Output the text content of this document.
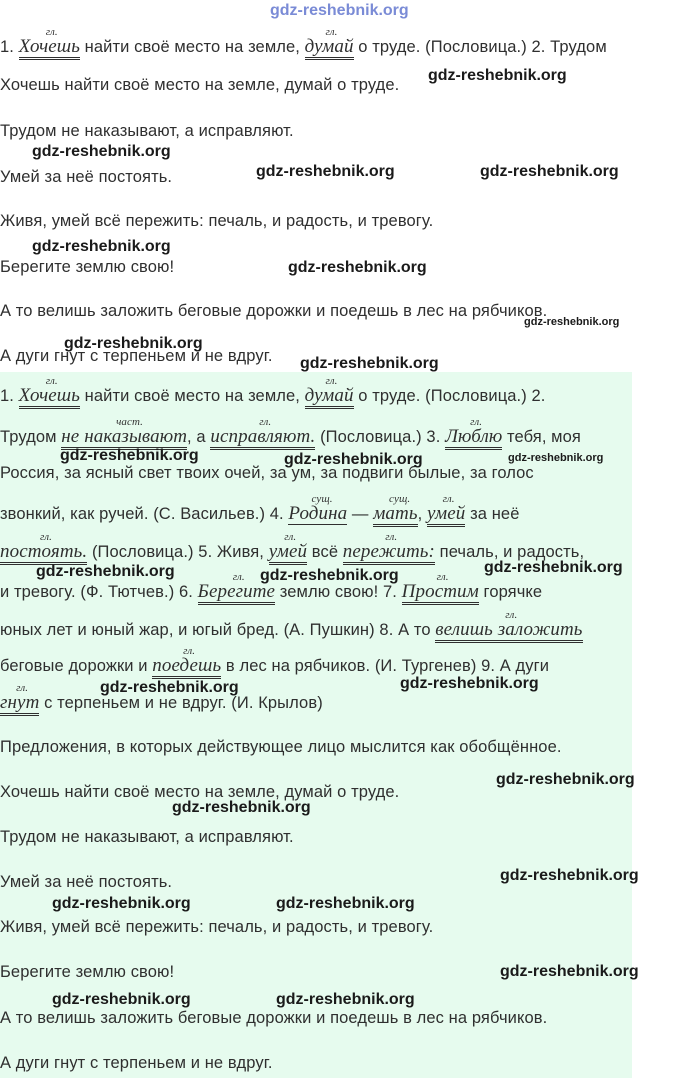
gdz-reshebnik.org
1.
гл.
Хочешь найти своё место на земле,
гл.
думай о труде. (Пословица.) 2. Трудом
Хочешь найти своё место на земле, думай о труде.
Трудом не наказывают, а исправляют.
Умей за неё постоять.
Живя, умей всё пережить: печаль, и радость, и тревогу.
Берегите землю свою!
А то велишь заложить беговые дорожки и поедешь в лес на рябчиков.
А дуги гнут с терпеньем и не вдруг.
1.
гл.
Хочешь найти своё место на земле,
гл.
думай о труде. (Пословица.) 2.
Трудом
част.
не наказывают, а
гл.
исправляют. (Пословица.) 3.
гл.
Люблю тебя, моя
Россия, за ясный свет твоих очей, за ум, за подвиги былые, за голос
звонкий, как ручей. (С. Васильев.) 4.
сущ.
Родина —
сущ.
мать,
гл.
умей за неё
гл.
постоять. (Пословица.) 5. Живя,
гл.
умей всё
гл.
пережить: печаль, и радость,
и тревогу. (Ф. Тютчев.) 6.
гл.
Берегите землю свою! 7.
гл.
Простим горячке
юных лет и юный жар, и югый бред. (А. Пушкин) 8. А то
гл.
велишь заложить
беговые дорожки и
гл.
поедешь в лес на рябчиков. (И. Тургенев) 9. А дуги
гл.
гнут с терпеньем и не вдруг. (И. Крылов)
Предложения, в которых действующее лицо мыслится как обобщённое.
Хочешь найти своё место на земле, думай о труде.
Трудом не наказывают, а исправляют.
Умей за неё постоять.
Живя, умей всё пережить: печаль, и радость, и тревогу.
Берегите землю свою!
А то велишь заложить беговые дорожки и поедешь в лес на рябчиков.
А дуги гнут с терпеньем и не вдруг.
gdz-reshebnik.org
gdz-reshebnik.org
gdz-reshebnik.org	gdz-reshebnik.org
gdz-reshebnik.org
gdz-reshebnik.org
gdz-reshebnik.org
gdz-reshebnik.org
gdz-reshebnik.org
gdz-reshebnik.org	gdz-reshebnik.org	gdz-reshebnik.org
gdz-reshebnik.org	gdz-reshebnik.org	gdz-reshebnik.org
gdz-reshebnik.org	gdz-reshebnik.org
gdz-reshebnik.org
gdz-reshebnik.org
gdz-reshebnik.org
gdz-reshebnik.org	gdz-reshebnik.org
gdz-reshebnik.org
gdz-reshebnik.org	gdz-reshebnik.org
